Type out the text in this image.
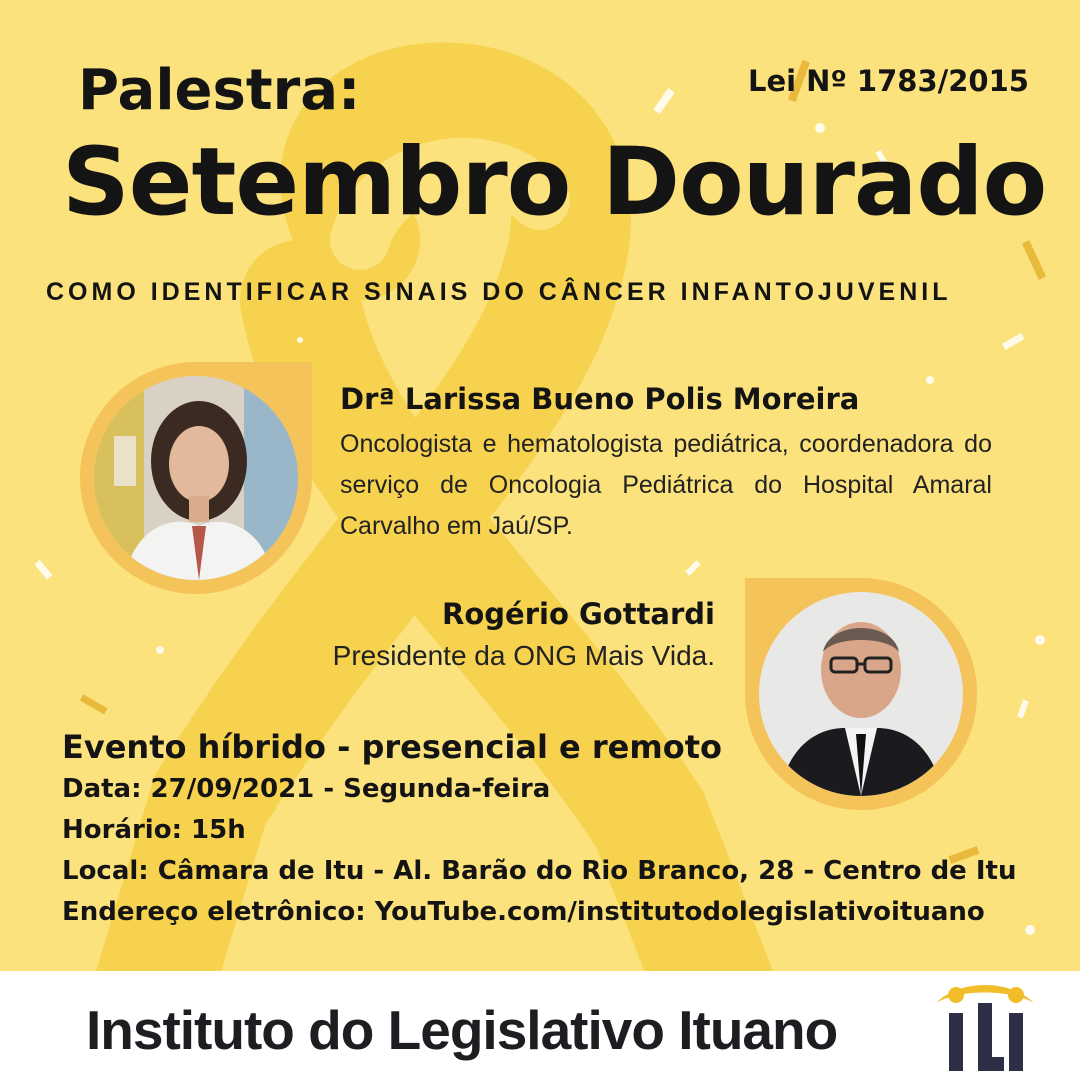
Palestra:	Lei Nº 1783/2015
Setembro Dourado
COMO IDENTIFICAR SINAIS DO CÂNCER INFANTOJUVENIL
Drª Larissa Bueno Polis Moreira
Oncologista e hematologista pediátrica, coordenadora do serviço de Oncologia Pediátrica do Hospital Amaral Carvalho em Jaú/SP.
Rogério Gottardi
Presidente da ONG Mais Vida.
Evento híbrido - presencial e remoto
Data: 27/09/2021 - Segunda-feira
Horário: 15h
Local: Câmara de Itu - Al. Barão do Rio Branco, 28 - Centro de Itu
Endereço eletrônico: YouTube.com/institutodolegislativoituano
Instituto do Legislativo Ituano
